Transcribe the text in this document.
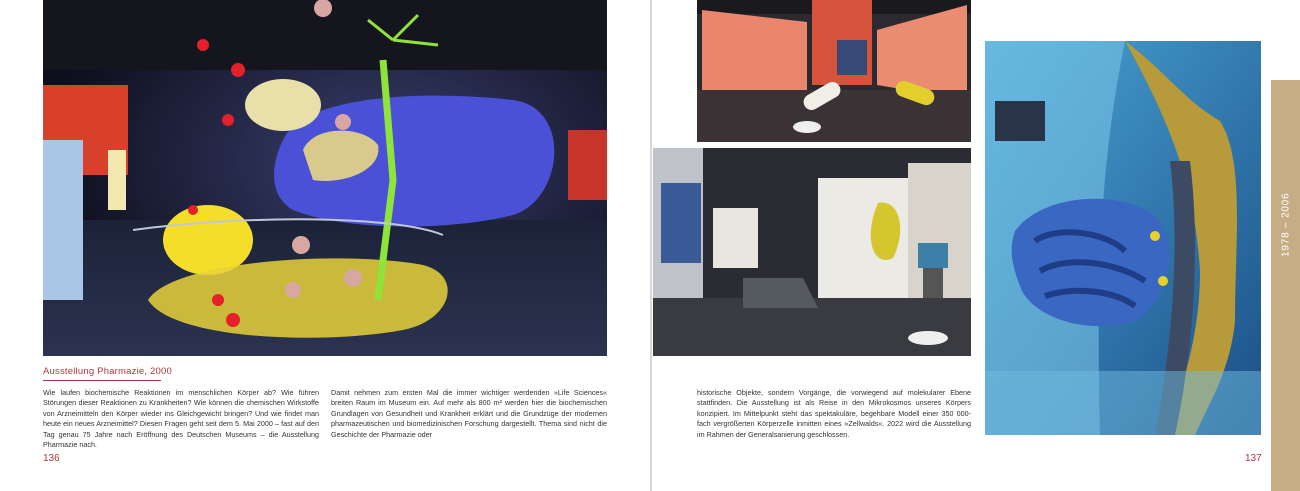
Ausstellung Pharmazie, 2000
Wie laufen biochemische Reaktionen im menschlichen Körper ab? Wie führen Störungen dieser Reaktionen zu Krankheiten? Wie können die chemischen Wirkstoffe von Arzneimitteln den Körper wieder ins Gleichgewicht bringen? Und wie findet man heute ein neues Arzneimittel? Diesen Fragen geht seit dem 5. Mai 2000 – fast auf den Tag genau 75 Jahre nach Eröffnung des Deutschen Museums – die Ausstellung Pharmazie nach.
Damit nehmen zum ersten Mal die immer wichtiger werdenden »Life Sciences« breiten Raum im Museum ein. Auf mehr als 800 m² werden hier die biochemischen Grundlagen von Gesundheit und Krankheit erklärt und die Grundzüge der modernen pharmazeutischen und biomedizinischen Forschung dargestellt. Thema sind nicht die Geschichte der Pharmazie oder
136
historische Objekte, sondern Vorgänge, die vorwiegend auf molekularer Ebene stattfinden. Die Ausstellung ist als Reise in den Mikrokosmos unseres Körpers konzipiert. Im Mittelpunkt steht das spektakuläre, begehbare Modell einer 350 000-fach vergrößerten Körperzelle inmitten eines »Zellwalds«. 2022 wird die Ausstellung im Rahmen der Generalsanierung geschlossen.
137
1978 – 2006
